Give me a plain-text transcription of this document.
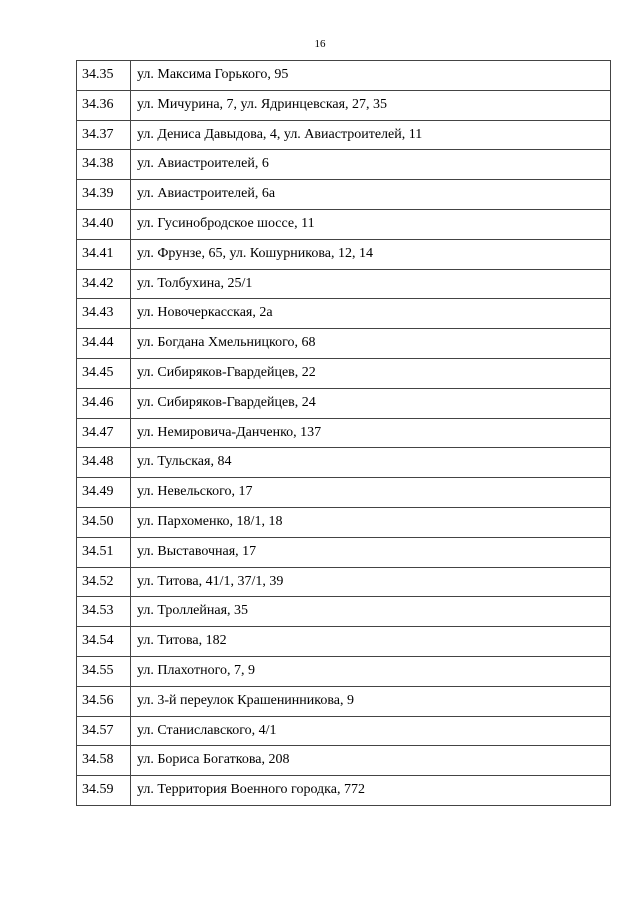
16
34.35	ул. Максима Горького, 95
34.36	ул. Мичурина, 7, ул. Ядринцевская, 27, 35
34.37	ул. Дениса Давыдова, 4, ул. Авиастроителей, 11
34.38	ул. Авиастроителей, 6
34.39	ул. Авиастроителей, 6а
34.40	ул. Гусинобродское шоссе, 11
34.41	ул. Фрунзе, 65, ул. Кошурникова, 12, 14
34.42	ул. Толбухина, 25/1
34.43	ул. Новочеркасская, 2а
34.44	ул. Богдана Хмельницкого, 68
34.45	ул. Сибиряков-Гвардейцев, 22
34.46	ул. Сибиряков-Гвардейцев, 24
34.47	ул. Немировича-Данченко, 137
34.48	ул. Тульская, 84
34.49	ул. Невельского, 17
34.50	ул. Пархоменко, 18/1, 18
34.51	ул. Выставочная, 17
34.52	ул. Титова, 41/1, 37/1, 39
34.53	ул. Троллейная, 35
34.54	ул. Титова, 182
34.55	ул. Плахотного, 7, 9
34.56	ул. 3-й переулок Крашенинникова, 9
34.57	ул. Станиславского, 4/1
34.58	ул. Бориса Богаткова, 208
34.59	ул. Территория Военного городка, 772
